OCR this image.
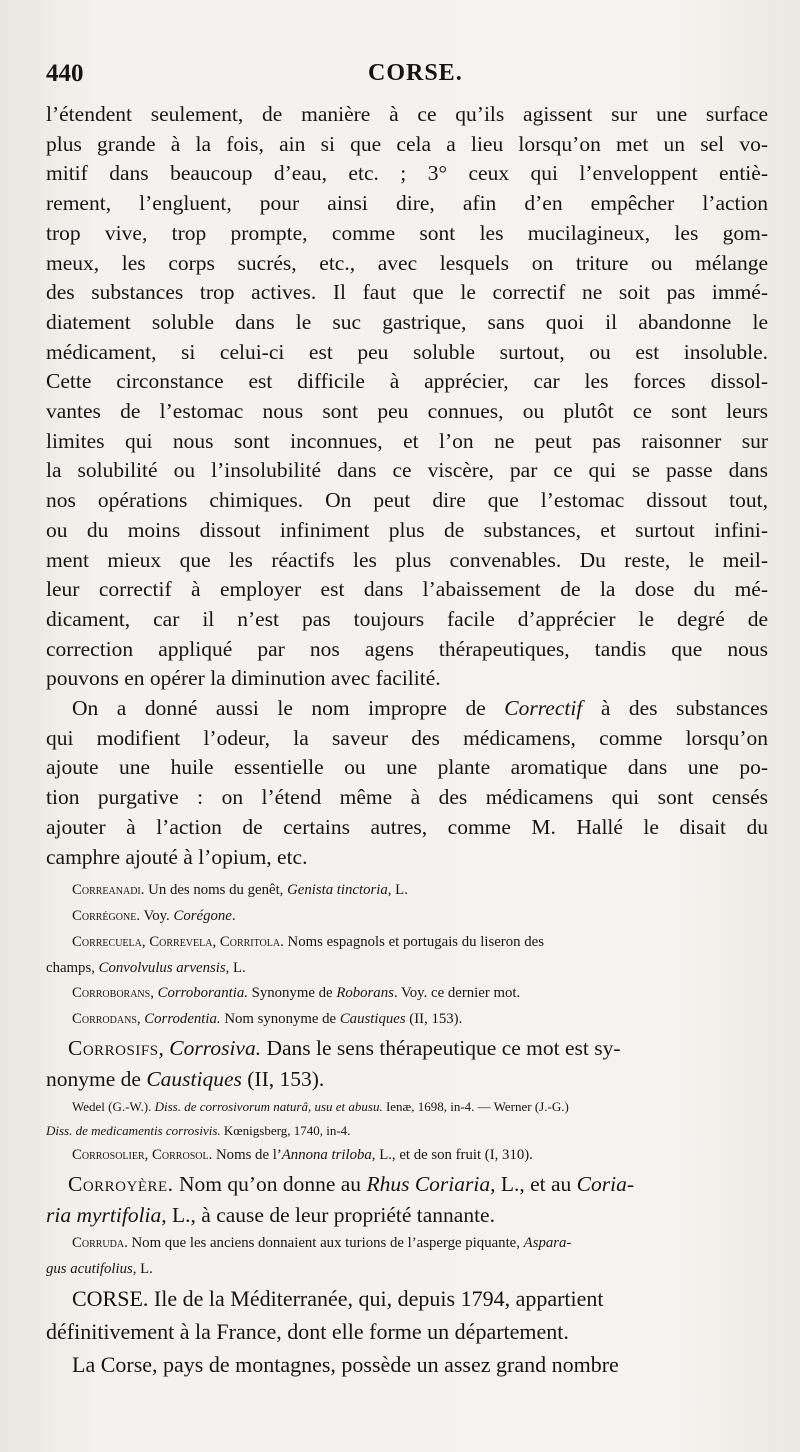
440	CORSE.
l’étendent seulement, de manière à ce qu’ils agissent sur une surface
plus grande à la fois, ain si que cela a lieu lorsqu’on met un sel vo-
mitif dans beaucoup d’eau, etc. ; 3° ceux qui l’enveloppent entiè-
rement, l’engluent, pour ainsi dire, afin d’en empêcher l’action
trop vive, trop prompte, comme sont les mucilagineux, les gom-
meux, les corps sucrés, etc., avec lesquels on triture ou mélange
des substances trop actives. Il faut que le correctif ne soit pas immé-
diatement soluble dans le suc gastrique, sans quoi il abandonne le
médicament, si celui-ci est peu soluble surtout, ou est insoluble.
Cette circonstance est difficile à apprécier, car les forces dissol-
vantes de l’estomac nous sont peu connues, ou plutôt ce sont leurs
limites qui nous sont inconnues, et l’on ne peut pas raisonner sur
la solubilité ou l’insolubilité dans ce viscère, par ce qui se passe dans
nos opérations chimiques. On peut dire que l’estomac dissout tout,
ou du moins dissout infiniment plus de substances, et surtout infini-
ment mieux que les réactifs les plus convenables. Du reste, le meil-
leur correctif à employer est dans l’abaissement de la dose du mé-
dicament, car il n’est pas toujours facile d’apprécier le degré de
correction appliqué par nos agens thérapeutiques, tandis que nous
pouvons en opérer la diminution avec facilité.
On a donné aussi le nom impropre de Correctif à des substances
qui modifient l’odeur, la saveur des médicamens, comme lorsqu’on
ajoute une huile essentielle ou une plante aromatique dans une po-
tion purgative : on l’étend même à des médicamens qui sont censés
ajouter à l’action de certains autres, comme M. Hallé le disait du
camphre ajouté à l’opium, etc.
Correanadi. Un des noms du genêt, Genista tinctoria, L.
Corrégone. Voy. Corégone.
Correcuela, Correvela, Corritola. Noms espagnols et portugais du liseron des
champs, Convolvulus arvensis, L.
Corroborans, Corroborantia. Synonyme de Roborans. Voy. ce dernier mot.
Corrodans, Corrodentia. Nom synonyme de Caustiques (II, 153).
Corrosifs, Corrosiva. Dans le sens thérapeutique ce mot est sy-
nonyme de Caustiques (II, 153).
Wedel (G.-W.). Diss. de corrosivorum naturâ, usu et abusu. Ienæ, 1698, in-4. — Werner (J.-G.)
Diss. de medicamentis corrosivis. Kœnigsberg, 1740, in-4.
Corrosolier, Corrosol. Noms de l’Annona triloba, L., et de son fruit (I, 310).
Corroyère. Nom qu’on donne au Rhus Coriaria, L., et au Coria-
ria myrtifolia, L., à cause de leur propriété tannante.
Corruda. Nom que les anciens donnaient aux turions de l’asperge piquante, Aspara-
gus acutifolius, L.
CORSE. Ile de la Méditerranée, qui, depuis 1794, appartient
définitivement à la France, dont elle forme un département.
La Corse, pays de montagnes, possède un assez grand nombre
